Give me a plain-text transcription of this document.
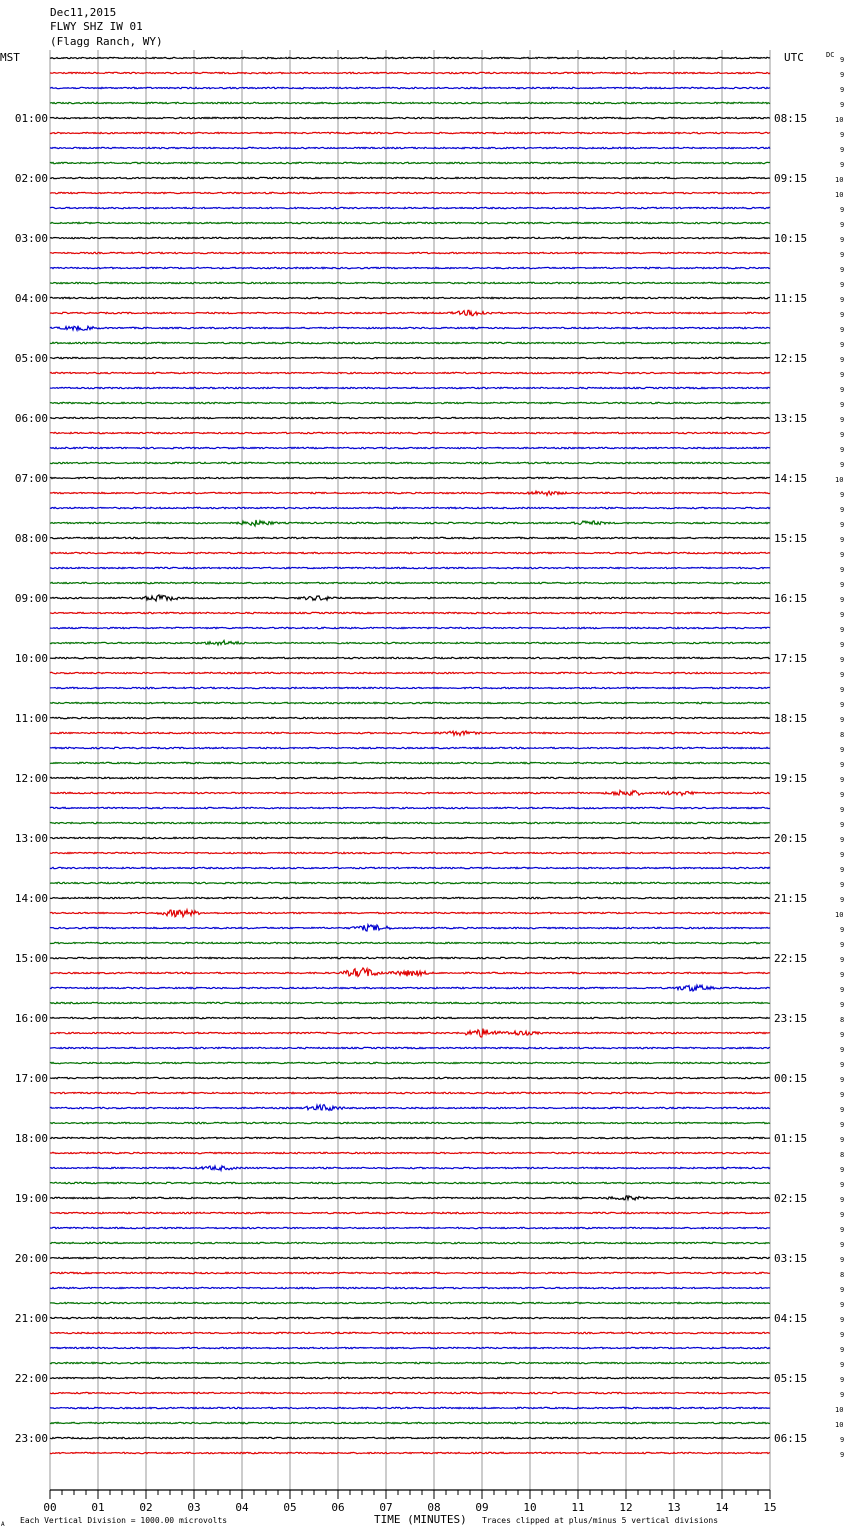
9
9
9
9
10
9
9
9
10
10
9
9
9
9
9
9
9
9
9
9
9
9
9
9
9
9
9
9
10
9
9
9
9
9
9
9
9
9
9
9
9
9
9
9
9
8
9
9
9
9
9
9
9
9
9
9
9
10
9
9
9
9
9
9
8
9
9
9
9
9
9
9
9
8
9
9
9
9
9
9
9
8
9
9
9
9
9
9
9
9
10
10
9
9
00	01	02	03	04	05	06	07	08	09	10	11	12	13	14	15
01:00
02:00
03:00
04:00
05:00
06:00
07:00
08:00
09:00
10:00
11:00
12:00
13:00
14:00
15:00
16:00
17:00
18:00
19:00
20:00
21:00
22:00
23:00
08:15
09:15
10:15
11:15
12:15
13:15
14:15
15:15
16:15
17:15
18:15
19:15
20:15
21:15
22:15
23:15
00:15
01:15
02:15
03:15
04:15
05:15
06:15
Dec11,2015
FLWY SHZ IW 01
(Flagg Ranch, WY)
MST	UTC	DC
TIME (MINUTES)
Each Vertical Division = 1000.00 microvolts	Traces clipped at plus/minus 5 vertical divisions
A
